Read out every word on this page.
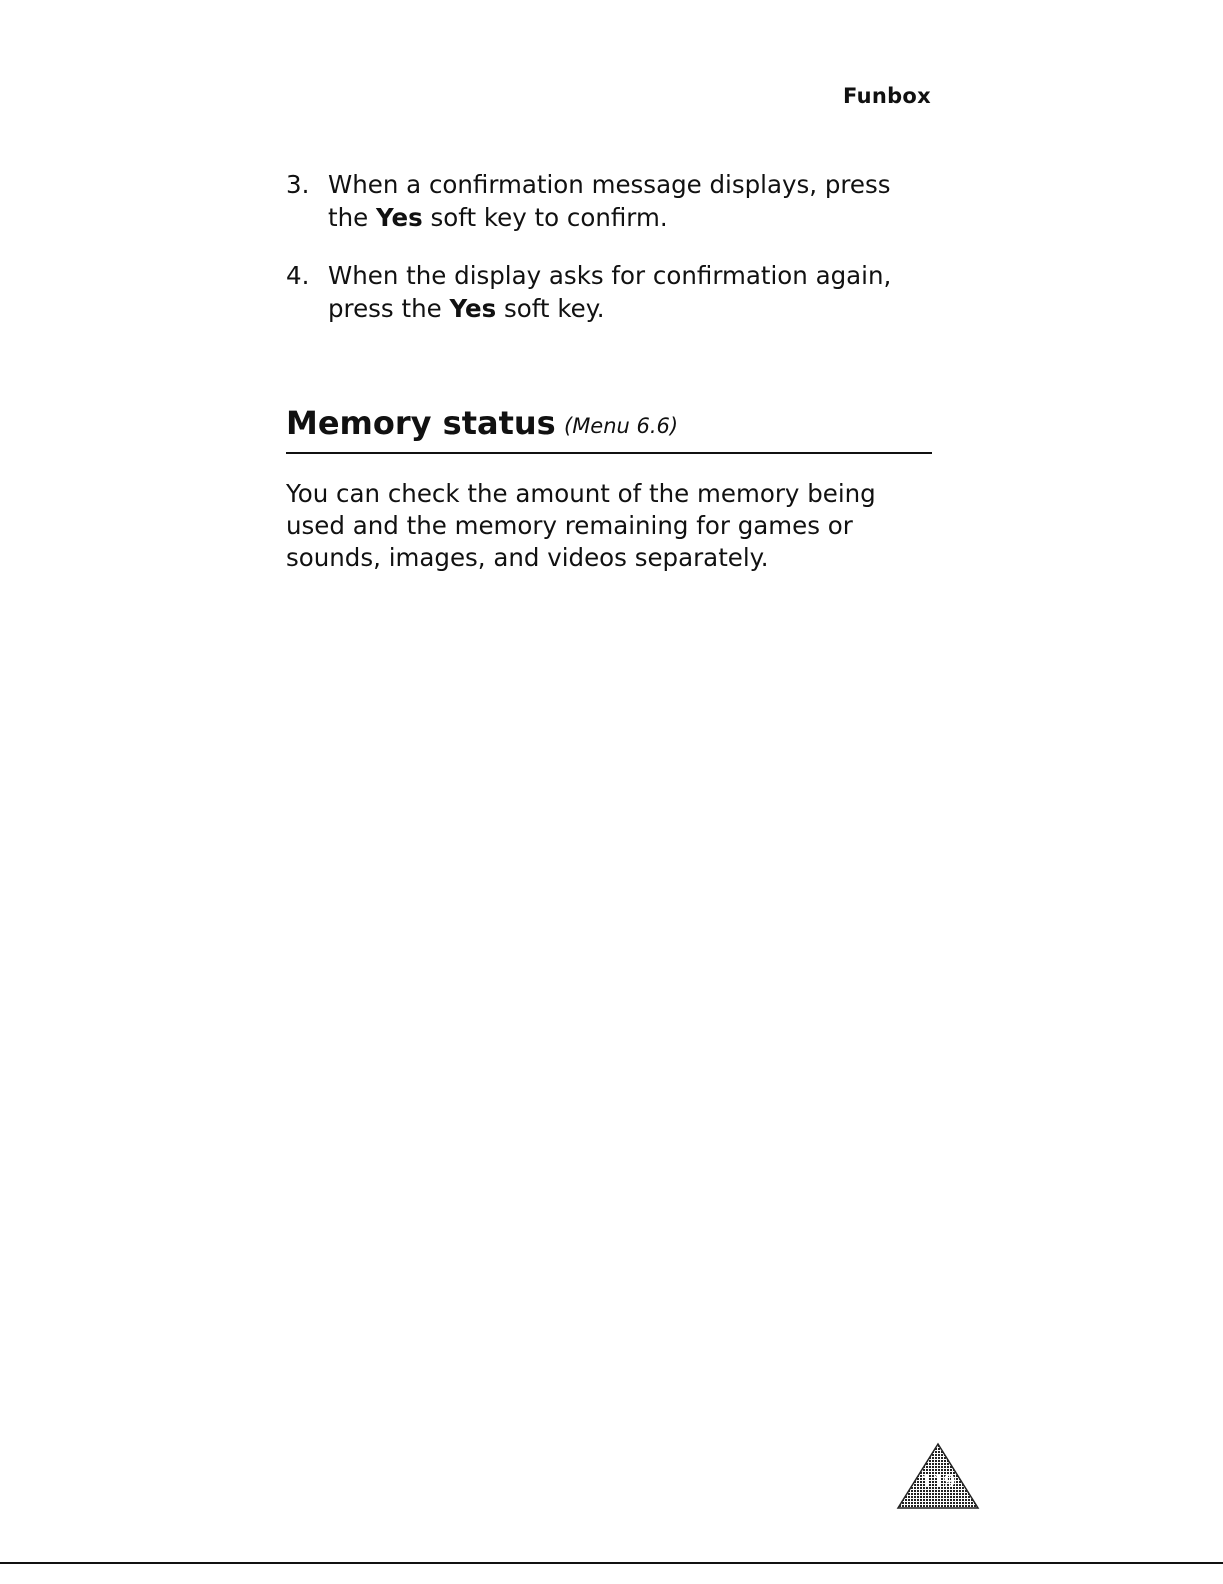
Funbox
3. When a confirmation message displays, press the Yes soft key to confirm.
4. When the display asks for confirmation again, press the Yes soft key.
Memory status (Menu 6.6)

You can check the amount of the memory being used and the memory remaining for games or sounds, images, and videos separately.

119
